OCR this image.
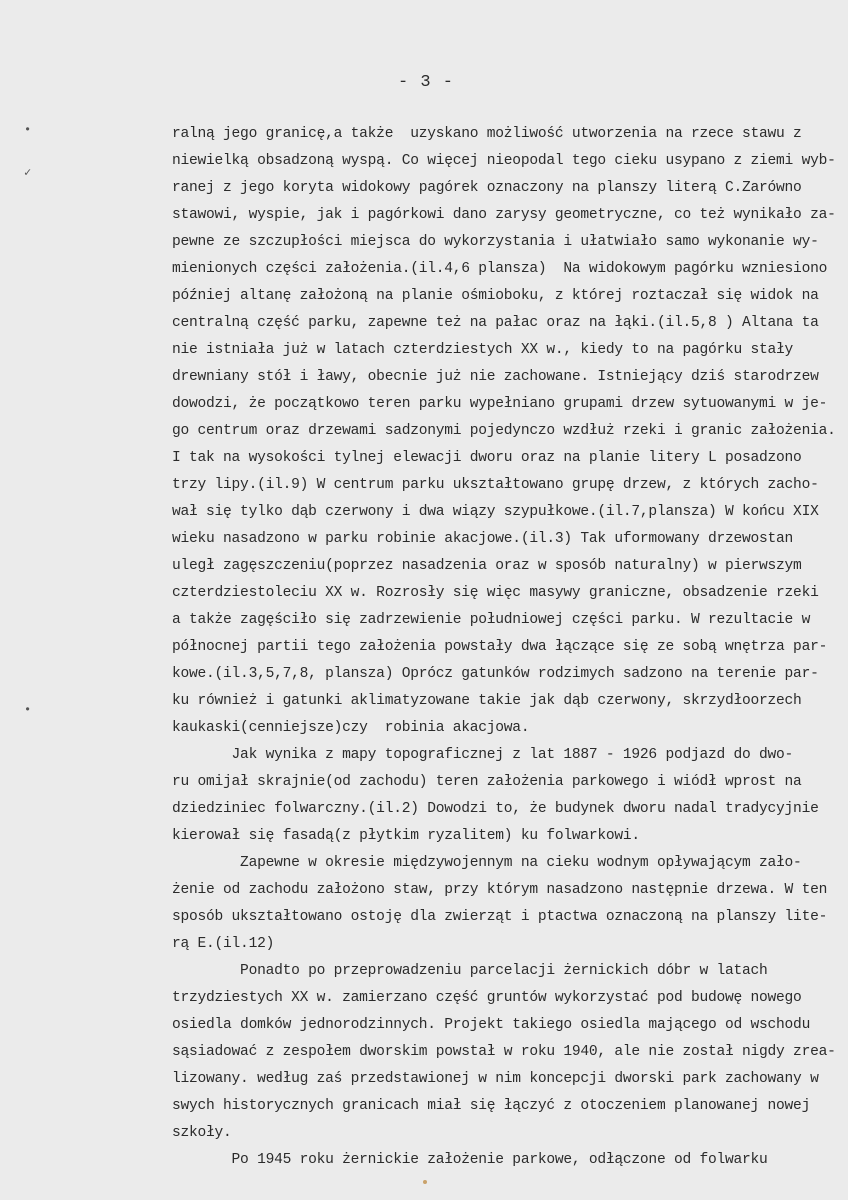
- 3 -
•
✓
•
ralną jego granicę,a także  uzyskano możliwość utworzenia na rzece stawu z
niewielką obsadzoną wyspą. Co więcej nieopodal tego cieku usypano z ziemi wyb-
ranej z jego koryta widokowy pagórek oznaczony na planszy literą C.Zarówno
stawowi, wyspie, jak i pagórkowi dano zarysy geometryczne, co też wynikało za-
pewne ze szczupłości miejsca do wykorzystania i ułatwiało samo wykonanie wy-
mienionych części założenia.(il.4,6 plansza)  Na widokowym pagórku wzniesiono
później altanę założoną na planie ośmioboku, z której roztaczał się widok na
centralną część parku, zapewne też na pałac oraz na łąki.(il.5,8 ) Altana ta
nie istniała już w latach czterdziestych XX w., kiedy to na pagórku stały
drewniany stół i ławy, obecnie już nie zachowane. Istniejący dziś starodrzew
dowodzi, że początkowo teren parku wypełniano grupami drzew sytuowanymi w je-
go centrum oraz drzewami sadzonymi pojedynczo wzdłuż rzeki i granic założenia.
I tak na wysokości tylnej elewacji dworu oraz na planie litery L posadzono
trzy lipy.(il.9) W centrum parku ukształtowano grupę drzew, z których zacho-
wał się tylko dąb czerwony i dwa wiązy szypułkowe.(il.7,plansza) W końcu XIX
wieku nasadzono w parku robinie akacjowe.(il.3) Tak uformowany drzewostan
uległ zagęszczeniu(poprzez nasadzenia oraz w sposób naturalny) w pierwszym
czterdziestoleciu XX w. Rozrosły się więc masywy graniczne, obsadzenie rzeki
a także zagęściło się zadrzewienie południowej części parku. W rezultacie w
północnej partii tego założenia powstały dwa łączące się ze sobą wnętrza par-
kowe.(il.3,5,7,8, plansza) Oprócz gatunków rodzimych sadzono na terenie par-
ku również i gatunki aklimatyzowane takie jak dąb czerwony, skrzydłoorzech
kaukaski(cenniejsze)czy  robinia akacjowa.
Jak wynika z mapy topograficznej z lat 1887 - 1926 podjazd do dwo-
ru omijał skrajnie(od zachodu) teren założenia parkowego i wiódł wprost na
dziedziniec folwarczny.(il.2) Dowodzi to, że budynek dworu nadal tradycyjnie
kierował się fasadą(z płytkim ryzalitem) ku folwarkowi.
Zapewne w okresie międzywojennym na cieku wodnym opływającym zało-
żenie od zachodu założono staw, przy którym nasadzono następnie drzewa. W ten
sposób ukształtowano ostoję dla zwierząt i ptactwa oznaczoną na planszy lite-
rą E.(il.12)
Ponadto po przeprowadzeniu parcelacji żernickich dóbr w latach
trzydziestych XX w. zamierzano część gruntów wykorzystać pod budowę nowego
osiedla domków jednorodzinnych. Projekt takiego osiedla mającego od wschodu
sąsiadować z zespołem dworskim powstał w roku 1940, ale nie został nigdy zrea-
lizowany. według zaś przedstawionej w nim koncepcji dworski park zachowany w
swych historycznych granicach miał się łączyć z otoczeniem planowanej nowej
szkoły.
Po 1945 roku żernickie założenie parkowe, odłączone od folwarku
